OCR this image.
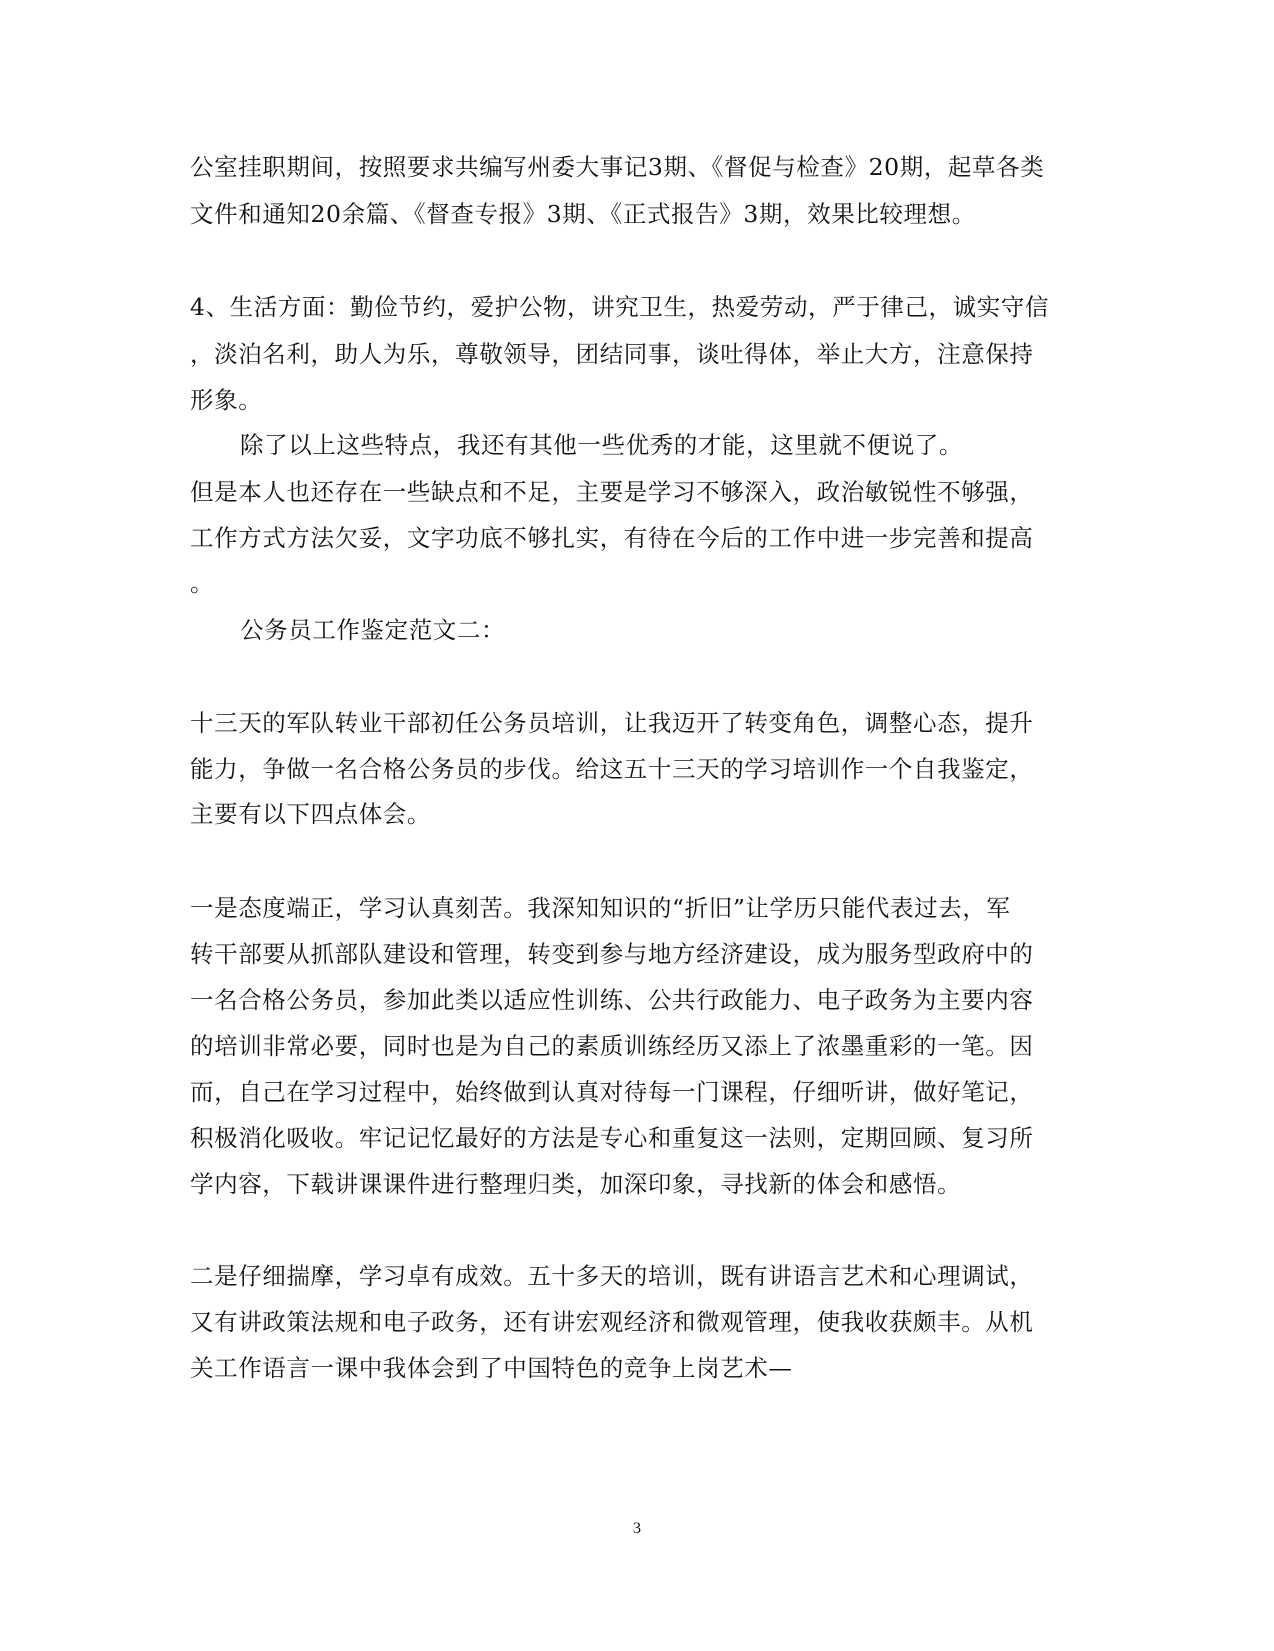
公室挂职期间，按照要求共编写州委大事记3期、《督促与检查》20期，起草各类
文件和通知20余篇、《督查专报》3期、《正式报告》3期，效果比较理想。
4、生活方面：勤俭节约，爱护公物，讲究卫生，热爱劳动，严于律己，诚实守信
，淡泊名利，助人为乐，尊敬领导，团结同事，谈吐得体，举止大方，注意保持
形象。
除了以上这些特点，我还有其他一些优秀的才能，这里就不便说了。
但是本人也还存在一些缺点和不足，主要是学习不够深入，政治敏锐性不够强，
工作方式方法欠妥，文字功底不够扎实，有待在今后的工作中进一步完善和提高
。
公务员工作鉴定范文二：
十三天的军队转业干部初任公务员培训，让我迈开了转变角色，调整心态，提升
能力，争做一名合格公务员的步伐。给这五十三天的学习培训作一个自我鉴定，
主要有以下四点体会。
一是态度端正，学习认真刻苦。我深知知识的“折旧”让学历只能代表过去，军
转干部要从抓部队建设和管理，转变到参与地方经济建设，成为服务型政府中的
一名合格公务员，参加此类以适应性训练、公共行政能力、电子政务为主要内容
的培训非常必要，同时也是为自己的素质训练经历又添上了浓墨重彩的一笔。因
而，自己在学习过程中，始终做到认真对待每一门课程，仔细听讲，做好笔记，
积极消化吸收。牢记记忆最好的方法是专心和重复这一法则，定期回顾、复习所
学内容，下载讲课课件进行整理归类，加深印象，寻找新的体会和感悟。
二是仔细揣摩，学习卓有成效。五十多天的培训，既有讲语言艺术和心理调试，
又有讲政策法规和电子政务，还有讲宏观经济和微观管理，使我收获颇丰。从机
关工作语言一课中我体会到了中国特色的竞争上岗艺术—
3
